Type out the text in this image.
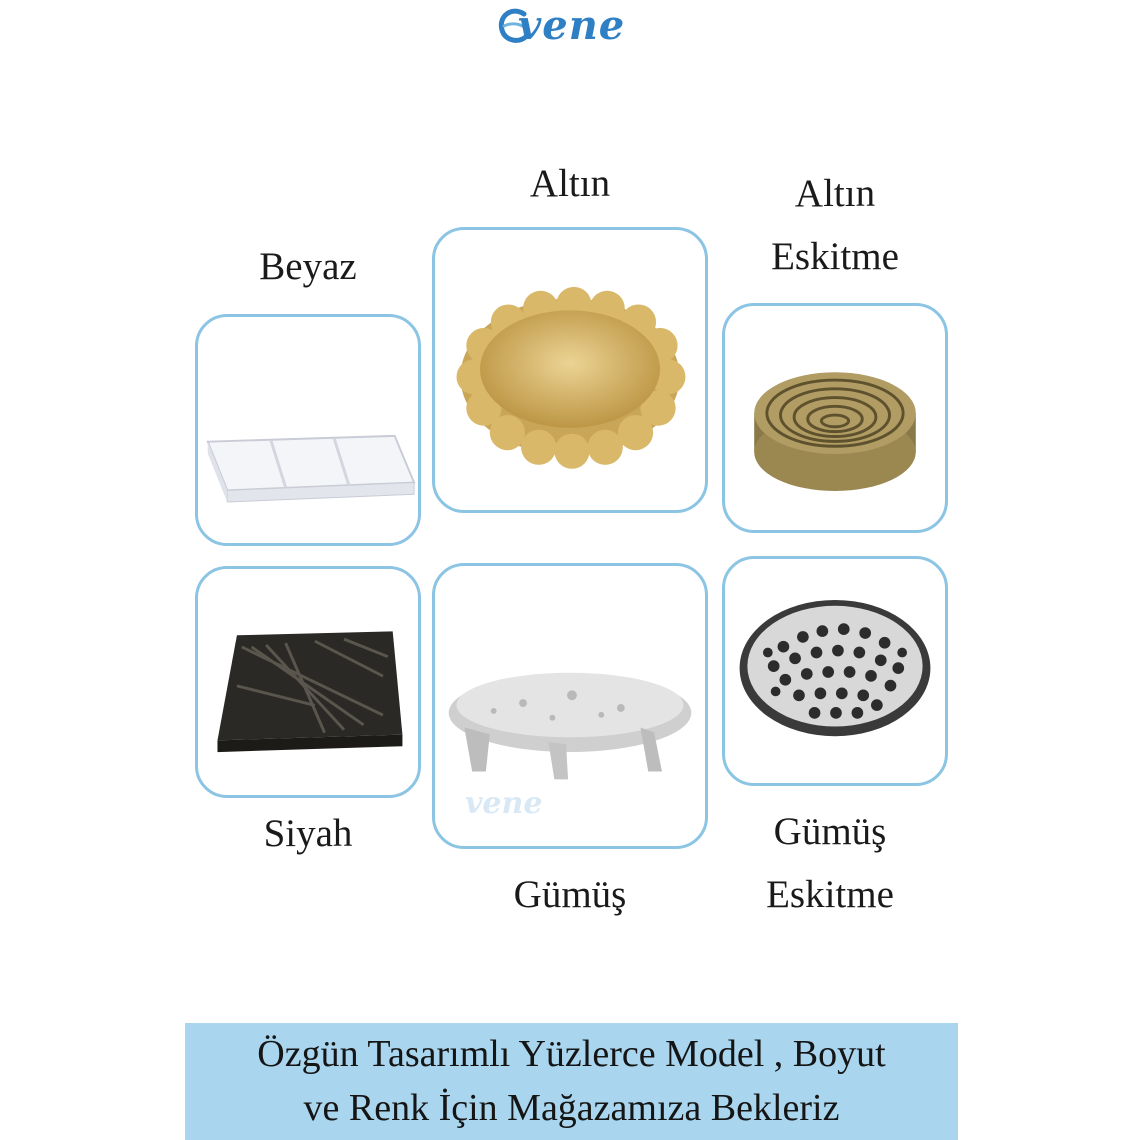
vene
Beyaz
Altın	Altın
Eskitme
vene
Siyah
Gümüş
Gümüş
Eskitme
Özgün Tasarımlı Yüzlerce Model , Boyut
ve Renk İçin Mağazamıza Bekleriz
